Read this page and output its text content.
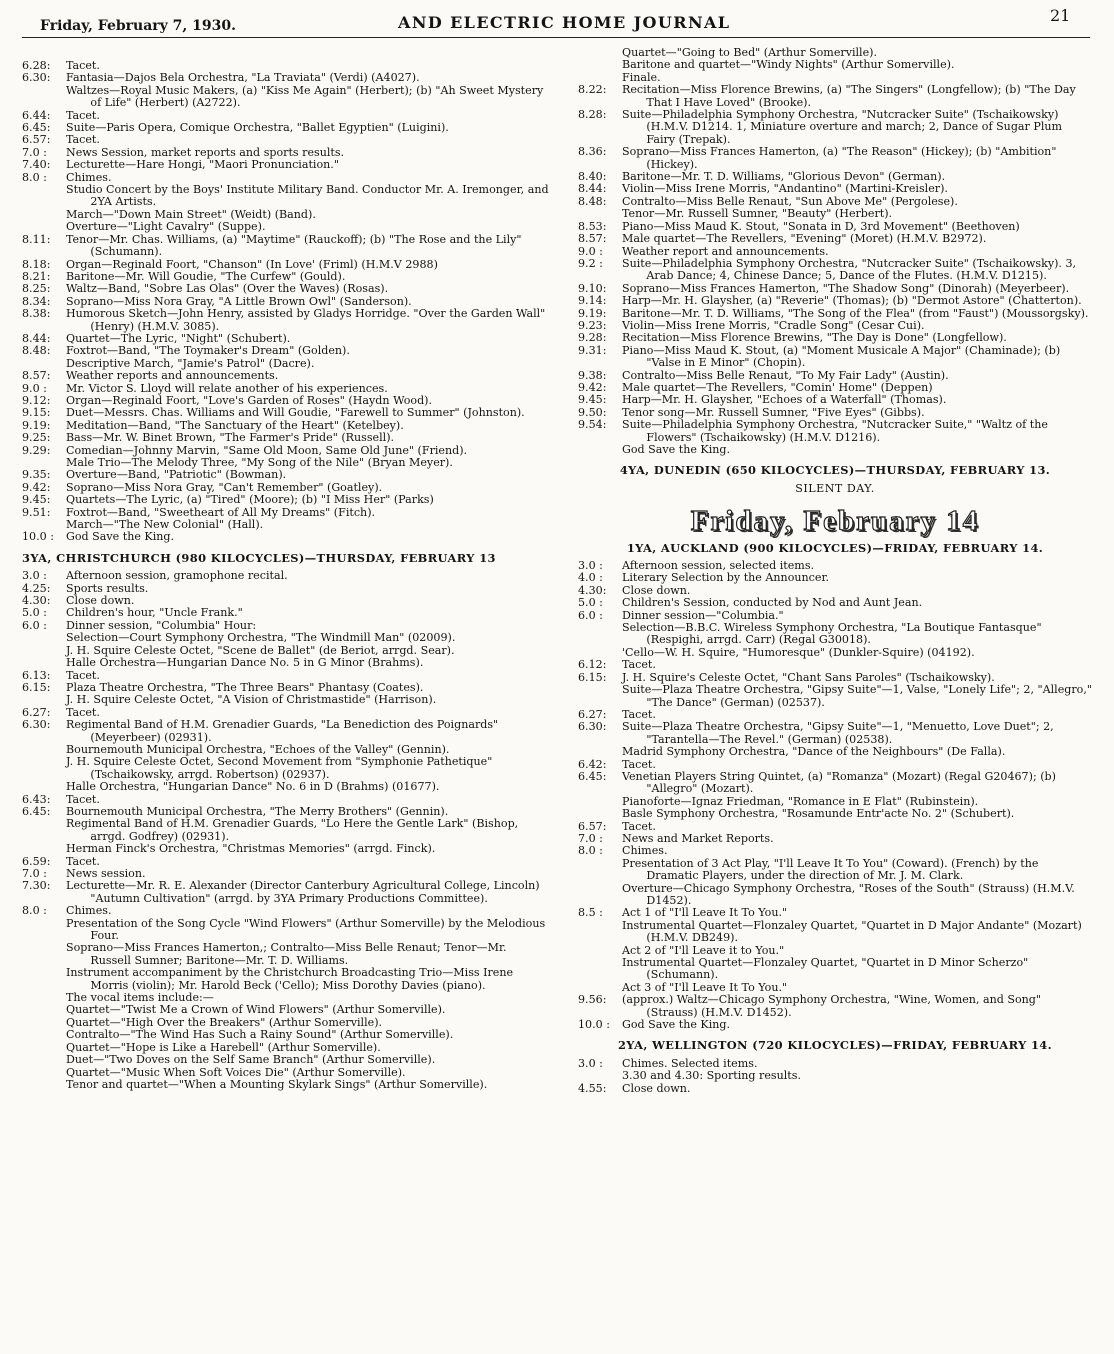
Friday, February 7, 1930.	AND ELECTRIC HOME JOURNAL	21
6.28:	Tacet.
6.30:	Fantasia—Dajos Bela Orchestra, "La Traviata" (Verdi) (A4027).
Waltzes—Royal Music Makers, (a) "Kiss Me Again" (Herbert); (b) "Ah Sweet Mystery of Life" (Herbert) (A2722).
6.44:	Tacet.
6.45:	Suite—Paris Opera, Comique Orchestra, "Ballet Egyptien" (Luigini).
6.57:	Tacet.
7.0 :	News Session, market reports and sports results.
7.40:	Lecturette—Hare Hongi, "Maori Pronunciation."
8.0 :	Chimes.
Studio Concert by the Boys' Institute Military Band. Conductor Mr. A. Iremonger, and 2YA Artists.
March—"Down Main Street" (Weidt) (Band).
Overture—"Light Cavalry" (Suppe).
8.11:	Tenor—Mr. Chas. Williams, (a) "Maytime" (Rauckoff); (b) "The Rose and the Lily" (Schumann).
8.18:	Organ—Reginald Foort, "Chanson" (In Love' (Friml) (H.M.V 2988)
8.21:	Baritone—Mr. Will Goudie, "The Curfew" (Gould).
8.25:	Waltz—Band, "Sobre Las Olas" (Over the Waves) (Rosas).
8.34:	Soprano—Miss Nora Gray, "A Little Brown Owl" (Sanderson).
8.38:	Humorous Sketch—John Henry, assisted by Gladys Horridge. "Over the Garden Wall" (Henry) (H.M.V. 3085).
8.44:	Quartet—The Lyric, "Night" (Schubert).
8.48:	Foxtrot—Band, "The Toymaker's Dream" (Golden).
Descriptive March, "Jamie's Patrol" (Dacre).
8.57:	Weather reports and announcements.
9.0 :	Mr. Victor S. Lloyd will relate another of his experiences.
9.12:	Organ—Reginald Foort, "Love's Garden of Roses" (Haydn Wood).
9.15:	Duet—Messrs. Chas. Williams and Will Goudie, "Farewell to Summer" (Johnston).
9.19:	Meditation—Band, "The Sanctuary of the Heart" (Ketelbey).
9.25:	Bass—Mr. W. Binet Brown, "The Farmer's Pride" (Russell).
9.29:	Comedian—Johnny Marvin, "Same Old Moon, Same Old June" (Friend).
Male Trio—The Melody Three, "My Song of the Nile" (Bryan Meyer).
9.35:	Overture—Band, "Patriotic" (Bowman).
9.42:	Soprano—Miss Nora Gray, "Can't Remember" (Goatley).
9.45:	Quartets—The Lyric, (a) "Tired" (Moore); (b) "I Miss Her" (Parks)
9.51:	Foxtrot—Band, "Sweetheart of All My Dreams" (Fitch).
March—"The New Colonial" (Hall).
10.0 :	God Save the King.
3YA, CHRISTCHURCH (980 KILOCYCLES)—THURSDAY, FEBRUARY 13
3.0 :	Afternoon session, gramophone recital.
4.25:	Sports results.
4.30:	Close down.
5.0 :	Children's hour, "Uncle Frank."
6.0 :	Dinner session, "Columbia" Hour:
Selection—Court Symphony Orchestra, "The Windmill Man" (02009).
J. H. Squire Celeste Octet, "Scene de Ballet" (de Beriot, arrgd. Sear).
Halle Orchestra—Hungarian Dance No. 5 in G Minor (Brahms).
6.13:	Tacet.
6.15:	Plaza Theatre Orchestra, "The Three Bears" Phantasy (Coates).
J. H. Squire Celeste Octet, "A Vision of Christmastide" (Harrison).
6.27:	Tacet.
6.30:	Regimental Band of H.M. Grenadier Guards, "La Benediction des Poignards" (Meyerbeer) (02931).
Bournemouth Municipal Orchestra, "Echoes of the Valley" (Gennin).
J. H. Squire Celeste Octet, Second Movement from "Symphonie Pathetique" (Tschaikowsky, arrgd. Robertson) (02937).
Halle Orchestra, "Hungarian Dance" No. 6 in D (Brahms) (01677).
6.43:	Tacet.
6.45:	Bournemouth Municipal Orchestra, "The Merry Brothers" (Gennin).
Regimental Band of H.M. Grenadier Guards, "Lo Here the Gentle Lark" (Bishop, arrgd. Godfrey) (02931).
Herman Finck's Orchestra, "Christmas Memories" (arrgd. Finck).
6.59:	Tacet.
7.0 :	News session.
7.30:	Lecturette—Mr. R. E. Alexander (Director Canterbury Agricultural College, Lincoln) "Autumn Cultivation" (arrgd. by 3YA Primary Productions Committee).
8.0 :	Chimes.
Presentation of the Song Cycle "Wind Flowers" (Arthur Somerville) by the Melodious Four.
Soprano—Miss Frances Hamerton,; Contralto—Miss Belle Renaut; Tenor—Mr. Russell Sumner; Baritone—Mr. T. D. Williams.
Instrument accompaniment by the Christchurch Broadcasting Trio—Miss Irene Morris (violin); Mr. Harold Beck ('Cello); Miss Dorothy Davies (piano).
The vocal items include:—
Quartet—"Twist Me a Crown of Wind Flowers" (Arthur Somerville).
Quartet—"High Over the Breakers" (Arthur Somerville).
Contralto—"The Wind Has Such a Rainy Sound" (Arthur Somerville).
Quartet—"Hope is Like a Harebell" (Arthur Somerville).
Duet—"Two Doves on the Self Same Branch" (Arthur Somerville).
Quartet—"Music When Soft Voices Die" (Arthur Somerville).
Tenor and quartet—"When a Mounting Skylark Sings" (Arthur Somerville).
Quartet—"Going to Bed" (Arthur Somerville).
Baritone and quartet—"Windy Nights" (Arthur Somerville).
Finale.
8.22:	Recitation—Miss Florence Brewins, (a) "The Singers" (Longfellow); (b) "The Day That I Have Loved" (Brooke).
8.28:	Suite—Philadelphia Symphony Orchestra, "Nutcracker Suite" (Tschaikowsky) (H.M.V. D1214. 1, Miniature overture and march; 2, Dance of Sugar Plum Fairy (Trepak).
8.36:	Soprano—Miss Frances Hamerton, (a) "The Reason" (Hickey); (b) "Ambition" (Hickey).
8.40:	Baritone—Mr. T. D. Williams, "Glorious Devon" (German).
8.44:	Violin—Miss Irene Morris, "Andantino" (Martini-Kreisler).
8.48:	Contralto—Miss Belle Renaut, "Sun Above Me" (Pergolese).
Tenor—Mr. Russell Sumner, "Beauty" (Herbert).
8.53:	Piano—Miss Maud K. Stout, "Sonata in D, 3rd Movement" (Beethoven)
8.57:	Male quartet—The Revellers, "Evening" (Moret) (H.M.V. B2972).
9.0 :	Weather report and announcements.
9.2 :	Suite—Philadelphia Symphony Orchestra, "Nutcracker Suite" (Tschaikowsky). 3, Arab Dance; 4, Chinese Dance; 5, Dance of the Flutes. (H.M.V. D1215).
9.10:	Soprano—Miss Frances Hamerton, "The Shadow Song" (Dinorah) (Meyerbeer).
9.14:	Harp—Mr. H. Glaysher, (a) "Reverie" (Thomas); (b) "Dermot Astore" (Chatterton).
9.19:	Baritone—Mr. T. D. Williams, "The Song of the Flea" (from "Faust") (Moussorgsky).
9.23:	Violin—Miss Irene Morris, "Cradle Song" (Cesar Cui).
9.28:	Recitation—Miss Florence Brewins, "The Day is Done" (Longfellow).
9.31:	Piano—Miss Maud K. Stout, (a) "Moment Musicale A Major" (Chaminade); (b) "Valse in E Minor" (Chopin).
9.38:	Contralto—Miss Belle Renaut, "To My Fair Lady" (Austin).
9.42:	Male quartet—The Revellers, "Comin' Home" (Deppen)
9.45:	Harp—Mr. H. Glaysher, "Echoes of a Waterfall" (Thomas).
9.50:	Tenor song—Mr. Russell Sumner, "Five Eyes" (Gibbs).
9.54:	Suite—Philadelphia Symphony Orchestra, "Nutcracker Suite," "Waltz of the Flowers" (Tschaikowsky) (H.M.V. D1216).
God Save the King.
4YA, DUNEDIN (650 KILOCYCLES)—THURSDAY, FEBRUARY 13.
SILENT DAY.
Friday, February 14
1YA, AUCKLAND (900 KILOCYCLES)—FRIDAY, FEBRUARY 14.
3.0 :	Afternoon session, selected items.
4.0 :	Literary Selection by the Announcer.
4.30:	Close down.
5.0 :	Children's Session, conducted by Nod and Aunt Jean.
6.0 :	Dinner session—"Columbia."
Selection—B.B.C. Wireless Symphony Orchestra, "La Boutique Fantasque" (Respighi, arrgd. Carr) (Regal G30018).
'Cello—W. H. Squire, "Humoresque" (Dunkler-Squire) (04192).
6.12:	Tacet.
6.15:	J. H. Squire's Celeste Octet, "Chant Sans Paroles" (Tschaikowsky).
Suite—Plaza Theatre Orchestra, "Gipsy Suite"—1, Valse, "Lonely Life"; 2, "Allegro," "The Dance" (German) (02537).
6.27:	Tacet.
6.30:	Suite—Plaza Theatre Orchestra, "Gipsy Suite"—1, "Menuetto, Love Duet"; 2, "Tarantella—The Revel." (German) (02538).
Madrid Symphony Orchestra, "Dance of the Neighbours" (De Falla).
6.42:	Tacet.
6.45:	Venetian Players String Quintet, (a) "Romanza" (Mozart) (Regal G20467); (b) "Allegro" (Mozart).
Pianoforte—Ignaz Friedman, "Romance in E Flat" (Rubinstein).
Basle Symphony Orchestra, "Rosamunde Entr'acte No. 2" (Schubert).
6.57:	Tacet.
7.0 :	News and Market Reports.
8.0 :	Chimes.
Presentation of 3 Act Play, "I'll Leave It To You" (Coward). (French) by the Dramatic Players, under the direction of Mr. J. M. Clark.
Overture—Chicago Symphony Orchestra, "Roses of the South" (Strauss) (H.M.V. D1452).
8.5 :	Act 1 of "I'll Leave It To You."
Instrumental Quartet—Flonzaley Quartet, "Quartet in D Major Andante" (Mozart) (H.M.V. DB249).
Act 2 of "I'll Leave it to You."
Instrumental Quartet—Flonzaley Quartet, "Quartet in D Minor Scherzo" (Schumann).
Act 3 of "I'll Leave It To You."
9.56:	(approx.) Waltz—Chicago Symphony Orchestra, "Wine, Women, and Song" (Strauss) (H.M.V. D1452).
10.0 :	God Save the King.
2YA, WELLINGTON (720 KILOCYCLES)—FRIDAY, FEBRUARY 14.
3.0 :	Chimes. Selected items.
3.30 and 4.30: Sporting results.
4.55:	Close down.
